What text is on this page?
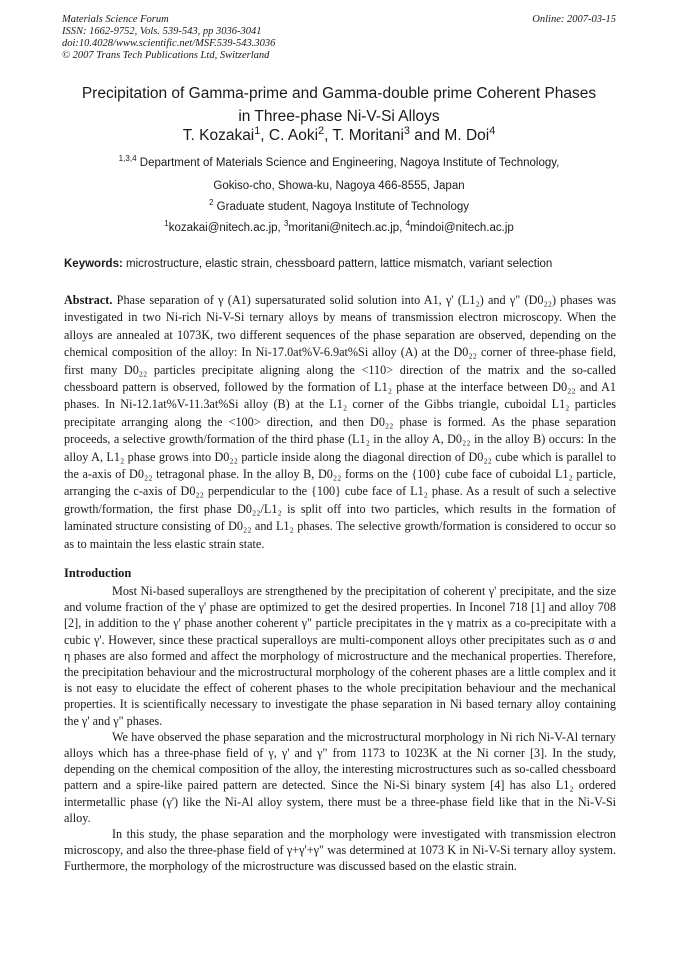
Materials Science Forum
ISSN: 1662-9752, Vols. 539-543, pp 3036-3041
doi:10.4028/www.scientific.net/MSF.539-543.3036
© 2007 Trans Tech Publications Ltd, Switzerland
Online: 2007-03-15
Precipitation of Gamma-prime and Gamma-double prime Coherent Phases
in Three-phase Ni-V-Si Alloys
T. Kozakai$^1$, C. Aoki$^2$, T. Moritani$^3$ and M. Doi$^4$
$^{1,3,4}$ Department of Materials Science and Engineering, Nagoya Institute of Technology,
Gokiso-cho, Showa-ku, Nagoya 466-8555, Japan
$^2$ Graduate student, Nagoya Institute of Technology
$^1$kozakai@nitech.ac.jp, $^3$moritani@nitech.ac.jp, $^4$mindoi@nitech.ac.jp
Keywords: microstructure, elastic strain, chessboard pattern, lattice mismatch, variant selection
Abstract. Phase separation of γ (A1) supersaturated solid solution into A1, γ' (L1₂) and γ" (D0₂₂) phases was investigated in two Ni-rich Ni-V-Si ternary alloys by means of transmission electron microscopy. When the alloys are annealed at 1073K, two different sequences of the phase separation are observed, depending on the chemical composition of the alloy: In Ni-17.0at%V-6.9at%Si alloy (A) at the D0₂₂ corner of three-phase field, first many D0₂₂ particles precipitate aligning along the <110> direction of the matrix and the so-called chessboard pattern is observed, followed by the formation of L1₂ phase at the interface between D0₂₂ and A1 phases. In Ni-12.1at%V-11.3at%Si alloy (B) at the L1₂ corner of the Gibbs triangle, cuboidal L1₂ particles precipitate arranging along the <100> direction, and then D0₂₂ phase is formed. As the phase separation proceeds, a selective growth/formation of the third phase (L1₂ in the alloy A, D0₂₂ in the alloy B) occurs: In the alloy A, L1₂ phase grows into D0₂₂ particle inside along the diagonal direction of D0₂₂ cube which is parallel to the a-axis of D0₂₂ tetragonal phase. In the alloy B, D0₂₂ forms on the {100} cube face of cuboidal L1₂ particle, arranging the c-axis of D0₂₂ perpendicular to the {100} cube face of L1₂ phase. As a result of such a selective growth/formation, the first phase D0₂₂/L1₂ is split off into two particles, which results in the formation of laminated structure consisting of D0₂₂ and L1₂ phases. The selective growth/formation is considered to occur so as to maintain the less elastic strain state.
Introduction

Most Ni-based superalloys are strengthened by the precipitation of coherent γ' precipitate, and the size and volume fraction of the γ' phase are optimized to get the desired properties. In Inconel 718 [1] and alloy 708 [2], in addition to the γ' phase another coherent γ" particle precipitates in the γ matrix as a co-precipitate with a cubic γ'. However, since these practical superalloys are multi-component alloys other precipitates such as σ and η phases are also formed and affect the morphology of microstructure and the mechanical properties. Therefore, the precipitation behaviour and the microstructural morphology of the coherent phases are a little complex and it is not easy to elucidate the effect of coherent phases to the whole precipitation behaviour and the mechanical properties. It is scientifically necessary to investigate the phase separation in Ni based ternary alloy containing the γ' and γ" phases.

We have observed the phase separation and the microstructural morphology in Ni rich Ni-V-Al ternary alloys which has a three-phase field of γ, γ' and γ" from 1173 to 1023K at the Ni corner [3]. In the study, depending on the chemical composition of the alloy, the interesting microstructures such as so-called chessboard pattern and a spire-like paired pattern are detected. Since the Ni-Si binary system [4] has also L1₂ ordered intermetallic phase (γ') like the Ni-Al alloy system, there must be a three-phase field like that in the Ni-V-Si alloy.

In this study, the phase separation and the morphology were investigated with transmission electron microscopy, and also the three-phase field of γ+γ'+γ" was determined at 1073 K in Ni-V-Si ternary alloy system. Furthermore, the morphology of the microstructure was discussed based on the elastic strain.
